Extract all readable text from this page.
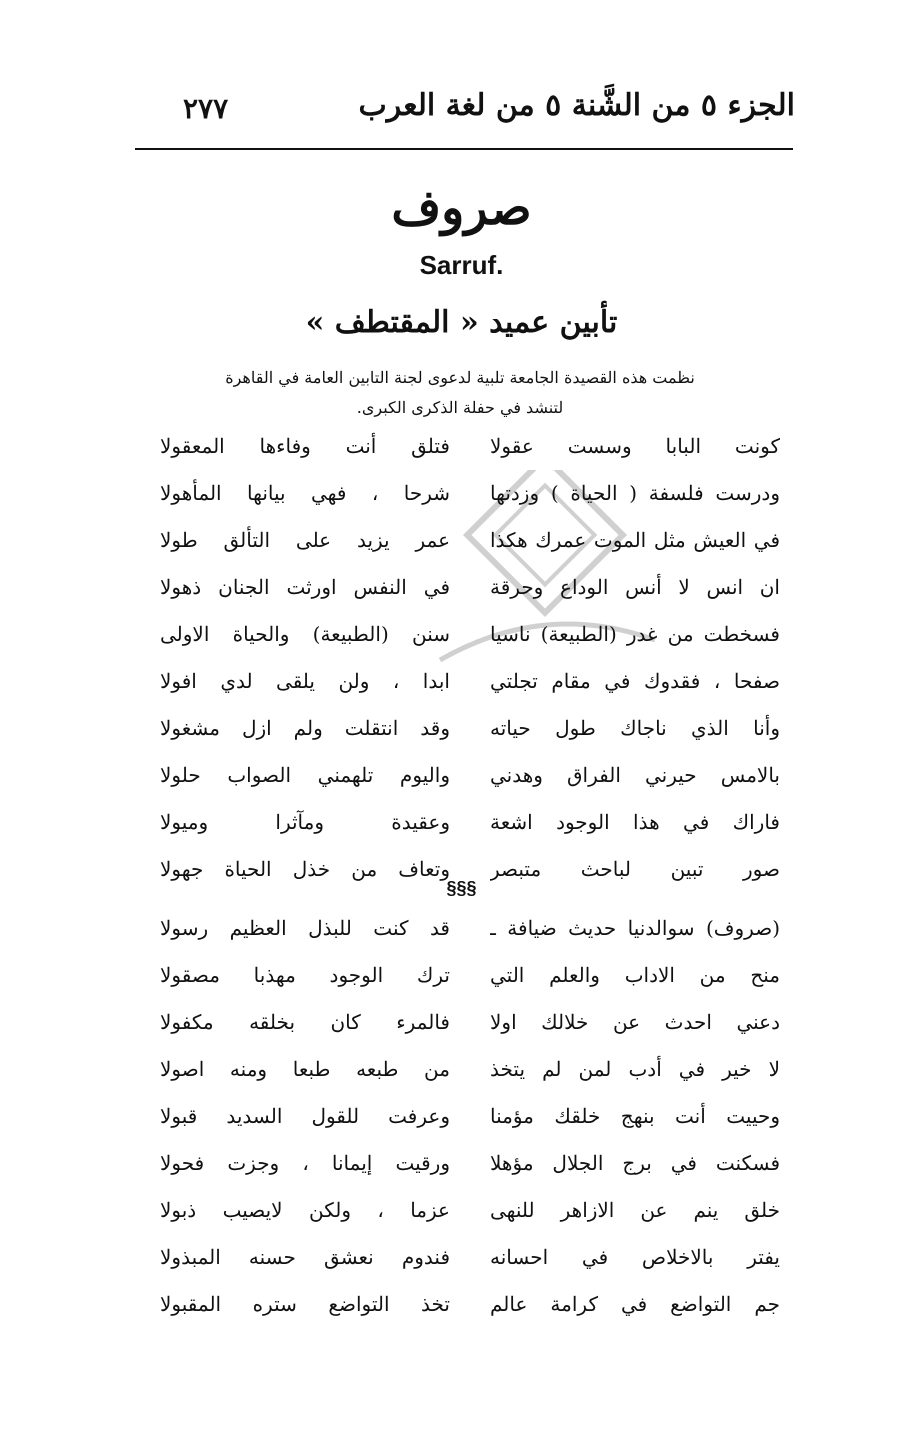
الجزء ٥ من الشَّنة ٥ من لغة العرب
٢٧٧
صروف
Sarruf.
تأبين عميد « المقتطف »
نظمت هذه القصيدة الجامعة تلبية لدعوى لجنة التابين العامة في القاهرة
لتنشد في حفلة الذكرى الكبرى.
كونت البابا وسست عقولا
فتلق أنت وفاءها المعقولا
ودرست فلسفة ( الحياة ) وزدتها
شرحا ، فهي بيانها المأهولا
في العيش مثل الموت عمرك هكذا
عمر يزيد على التألق طولا
ان انس لا أنس الوداع وحرقة
في النفس اورثت الجنان ذهولا
فسخطت من غدر (الطبيعة) ناسيا
سنن (الطبيعة) والحياة الاولى
صفحا ، فقدوك في مقام تجلتي
ابدا ، ولن يلقى لدي افولا
وأنا الذي ناجاك طول حياته
وقد انتقلت ولم ازل مشغولا
بالامس حيرني الفراق وهدني
واليوم تلهمني الصواب حلولا
فاراك في هذا الوجود اشعة
وعقيدة ومآثرا وميولا
صور تبين لباحث متبصر
وتعاف من خذل الحياة جهولا
§§§
(صروف) سوالدنيا حديث ضيافة ـ
قد كنت للبذل العظيم رسولا
منح من الاداب والعلم التي
ترك الوجود مهذبا مصقولا
دعني احدث عن خلالك اولا
فالمرء كان بخلقه مكفولا
لا خير في أدب لمن لم يتخذ
من طبعه طبعا ومنه اصولا
وحييت أنت بنهج خلقك مؤمنا
وعرفت للقول السديد قبولا
فسكنت في برج الجلال مؤهلا
ورقيت إيمانا ، وجزت فحولا
خلق ينم عن الازاهر للنهى
عزما ، ولكن لايصيب ذبولا
يفتر بالاخلاص في احسانه
فندوم نعشق حسنه المبذولا
جم التواضع في كرامة عالم
تخذ التواضع ستره المقبولا
